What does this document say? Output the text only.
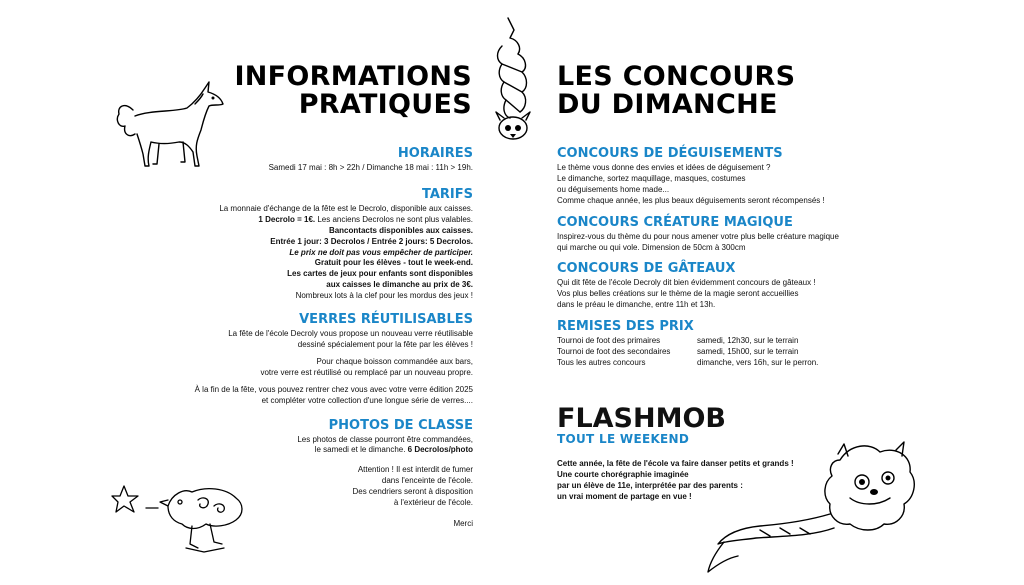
INFORMATIONS
PRATIQUES
LES CONCOURS
DU DIMANCHE

HORAIRES

Samedi 17 mai : 8h > 22h / Dimanche 18 mai : 11h > 19h.

TARIFS

La monnaie d'échange de la fête est le Decrolo, disponible aux caisses.

1 Decrolo = 1€. Les anciens Decrolos ne sont plus valables.

Bancontacts disponibles aux caisses.

Entrée 1 jour: 3 Decrolos / Entrée 2 jours: 5 Decrolos.

Le prix ne doit pas vous empêcher de participer.

Gratuit pour les élèves - tout le week-end.

Les cartes de jeux pour enfants sont disponibles

aux caisses le dimanche au prix de 3€.

Nombreux lots à la clef pour les mordus des jeux !

VERRES RÉUTILISABLES

La fête de l'école Decroly vous propose un nouveau verre réutilisable

dessiné spécialement pour la fête par les élèves !

Pour chaque boisson commandée aux bars,

votre verre est réutilisé ou remplacé par un nouveau propre.

À la fin de la fête, vous pouvez rentrer chez vous avec votre verre édition 2025

et compléter votre collection d'une longue série de verres....

PHOTOS DE CLASSE

Les photos de classe pourront être commandées,

le samedi et le dimanche. 6 Decrolos/photo

Attention ! Il est interdit de fumer

dans l'enceinte de l'école.

Des cendriers seront à disposition

à l'extérieur de l'école.

Merci

CONCOURS DE DÉGUISEMENTS

Le thème vous donne des envies et idées de déguisement ?

Le dimanche, sortez maquillage, masques, costumes

ou déguisements home made...

Comme chaque année, les plus beaux déguisements seront récompensés !

CONCOURS CRÉATURE MAGIQUE

Inspirez-vous du thème du pour nous amener votre plus belle créature magique

qui marche ou qui vole. Dimension de 50cm à 300cm

CONCOURS DE GÂTEAUX

Qui dit fête de l'école Decroly dit bien évidemment concours de gâteaux !

Vos plus belles créations sur le thème de la magie seront accueillies

dans le préau le dimanche, entre 11h et 13h.

REMISES DES PRIX

Tournoi de foot des primaires	samedi, 12h30, sur le terrain
Tournoi de foot des secondaires	samedi, 15h00, sur le terrain
Tous les autres concours	dimanche, vers 16h, sur le perron.
FLASHMOB

TOUT LE WEEKEND

Cette année, la fête de l'école va faire danser petits et grands !

Une courte chorégraphie imaginée

par un élève de 11e, interprétée par des parents :

un vrai moment de partage en vue !
